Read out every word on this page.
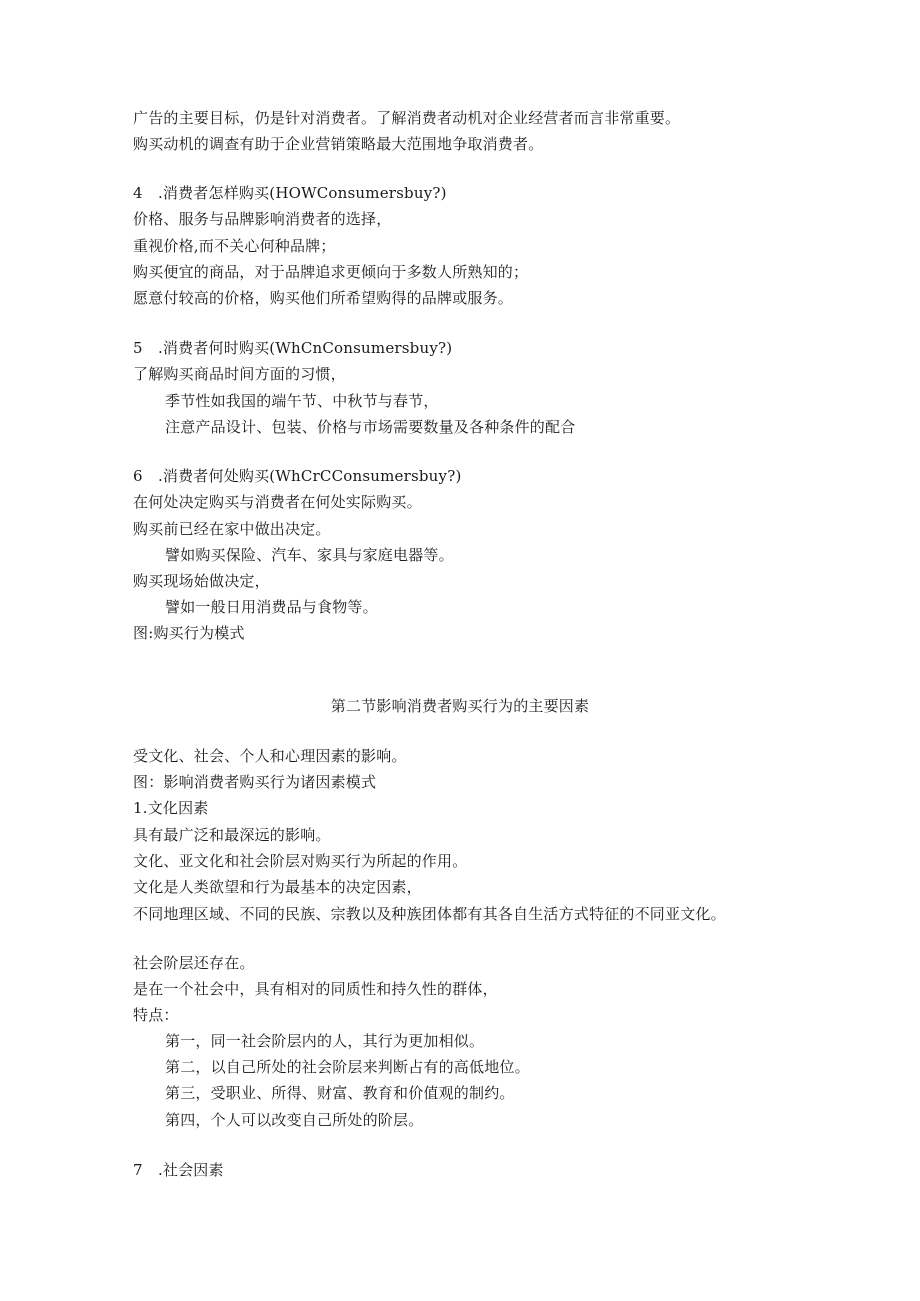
广告的主要目标，仍是针对消费者。了解消费者动机对企业经营者而言非常重要。
购买动机的调查有助于企业营销策略最大范围地争取消费者。
4　.消费者怎样购买(HOWConsumersbuy?)
价格、服务与品牌影响消费者的选择，
重视价格,而不关心何种品牌；
购买便宜的商品，对于品牌追求更倾向于多数人所熟知的；
愿意付较高的价格，购买他们所希望购得的品牌或服务。
5　.消费者何时购买(WhCnConsumersbuy?)
了解购买商品时间方面的习惯，
季节性如我国的端午节、中秋节与春节，
注意产品设计、包装、价格与市场需要数量及各种条件的配合
6　.消费者何处购买(WhCrCConsumersbuy?)
在何处决定购买与消费者在何处实际购买。
购买前已经在家中做出决定。
譬如购买保险、汽车、家具与家庭电器等。
购买现场始做决定，
譬如一般日用消费品与食物等。
图:购买行为模式
第二节影响消费者购买行为的主要因素
受文化、社会、个人和心理因素的影响。
图：影响消费者购买行为诸因素模式
1.文化因素
具有最广泛和最深远的影响。
文化、亚文化和社会阶层对购买行为所起的作用。
文化是人类欲望和行为最基本的决定因素，
不同地理区域、不同的民族、宗教以及种族团体都有其各自生活方式特征的不同亚文化。
社会阶层还存在。
是在一个社会中，具有相对的同质性和持久性的群体，
特点：
第一，同一社会阶层内的人，其行为更加相似。
第二，以自己所处的社会阶层来判断占有的高低地位。
第三，受职业、所得、财富、教育和价值观的制约。
第四，个人可以改变自己所处的阶层。
7　.社会因素
